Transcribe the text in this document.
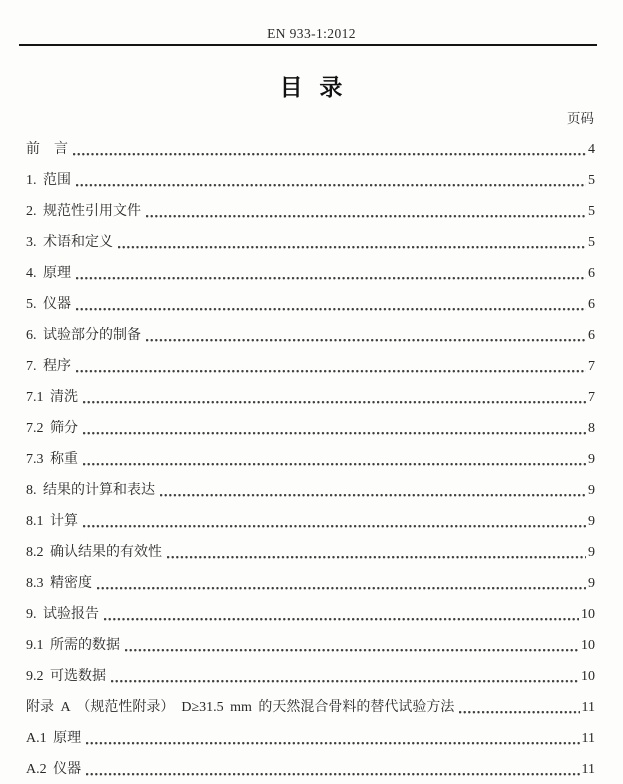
EN 933-1:2012
目 录
页码
前　言	4
1. 范围	5
2. 规范性引用文件	5
3. 术语和定义	5
4. 原理	6
5. 仪器	6
6. 试验部分的制备	6
7. 程序	7
7.1 清洗	7
7.2 筛分	8
7.3 称重	9
8. 结果的计算和表达	9
8.1 计算	9
8.2 确认结果的有效性	9
8.3 精密度	9
9. 试验报告	10
9.1 所需的数据	10
9.2 可选数据	10
附录 A （规范性附录）　D≥31.5 mm 的天然混合骨料的替代试验方法	11
A.1 原理	11
A.2 仪器	11
